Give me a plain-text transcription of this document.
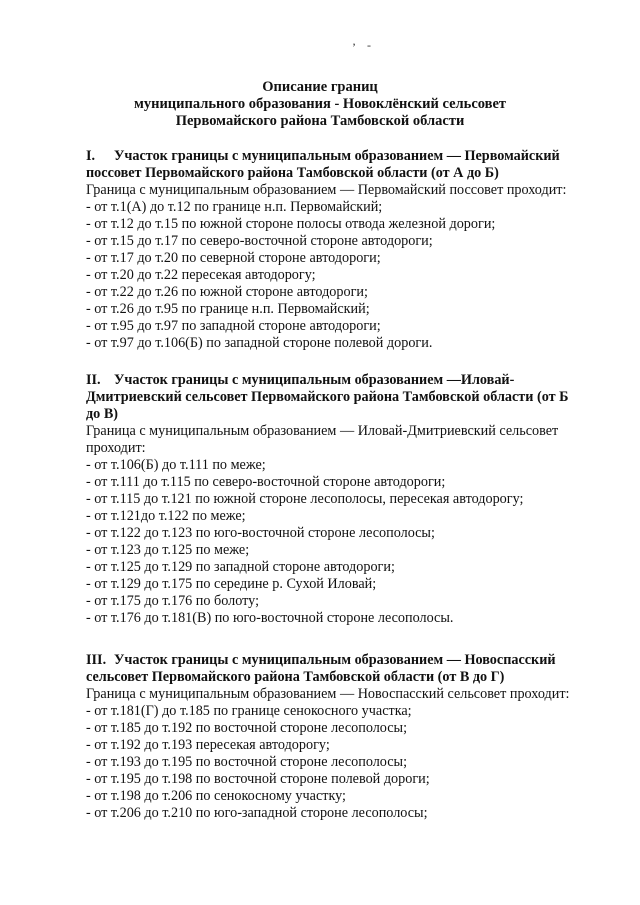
’ -
Описание границ
муниципального образования - Новоклёнский сельсовет
Первомайского района Тамбовской области
I. Участок границы с муниципальным образованием — Первомайский
поссовет Первомайского района Тамбовской области (от А до Б)
Граница с муниципальным образованием — Первомайский поссовет проходит:
- от т.1(А) до т.12 по границе н.п. Первомайский;
- от т.12 до т.15 по южной стороне полосы отвода железной дороги;
- от т.15 до т.17 по северо-восточной стороне автодороги;
- от т.17 до т.20 по северной стороне автодороги;
- от т.20 до т.22 пересекая автодорогу;
- от т.22 до т.26 по южной стороне автодороги;
- от т.26 до т.95 по границе н.п. Первомайский;
- от т.95 до т.97 по западной стороне автодороги;
- от т.97 до т.106(Б) по западной стороне полевой дороги.
II. Участок границы с муниципальным образованием —Иловай-
Дмитриевский сельсовет Первомайского района Тамбовской области (от Б
до В)
Граница с муниципальным образованием — Иловай-Дмитриевский сельсовет
проходит:
- от т.106(Б) до т.111 по меже;
- от т.111 до т.115 по северо-восточной стороне автодороги;
- от т.115 до т.121 по южной стороне лесополосы, пересекая автодорогу;
- от т.121до т.122 по меже;
- от т.122 до т.123 по юго-восточной стороне лесополосы;
- от т.123 до т.125 по меже;
- от т.125 до т.129 по западной стороне автодороги;
- от т.129 до т.175 по середине р. Сухой Иловай;
- от т.175 до т.176 по болоту;
- от т.176 до т.181(В) по юго-восточной стороне лесополосы.
III. Участок границы с муниципальным образованием — Новоспасский
сельсовет Первомайского района Тамбовской области (от В до Г)
Граница с муниципальным образованием — Новоспасский сельсовет проходит:
- от т.181(Г) до т.185 по границе сенокосного участка;
- от т.185 до т.192 по восточной стороне лесополосы;
- от т.192 до т.193 пересекая автодорогу;
- от т.193 до т.195 по восточной стороне лесополосы;
- от т.195 до т.198 по восточной стороне полевой дороги;
- от т.198 до т.206 по сенокосному участку;
- от т.206 до т.210 по юго-западной стороне лесополосы;
